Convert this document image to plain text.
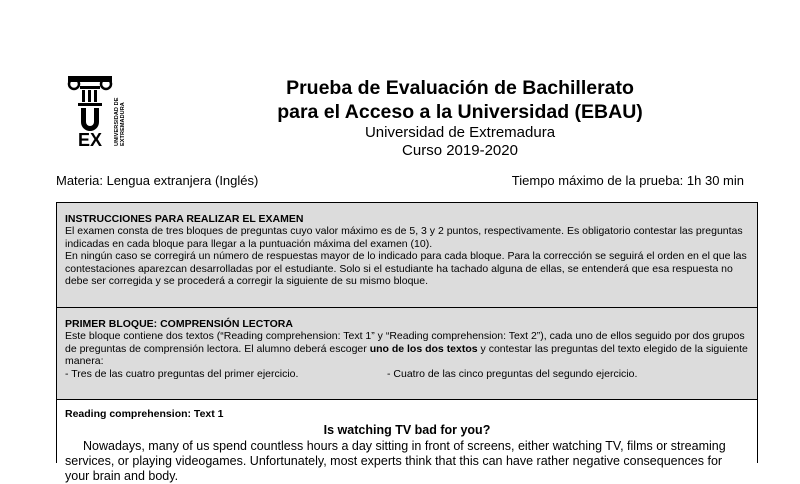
EX UNIVERSIDAD DE EXTREMADURA
Prueba de Evaluación de Bachillerato
para el Acceso a la Universidad (EBAU)
Universidad de Extremadura
Curso 2019-2020
Materia: Lengua extranjera (Inglés)	Tiempo máximo de la prueba: 1h 30 min
INSTRUCCIONES PARA REALIZAR EL EXAMEN
El examen consta de tres bloques de preguntas cuyo valor máximo es de 5, 3 y 2 puntos, respectivamente. Es obligatorio contestar las preguntas indicadas en cada bloque para llegar a la puntuación máxima del examen (10).
En ningún caso se corregirá un número de respuestas mayor de lo indicado para cada bloque. Para la corrección se seguirá el orden en el que las contestaciones aparezcan desarrolladas por el estudiante. Solo si el estudiante ha tachado alguna de ellas, se entenderá que esa respuesta no debe ser corregida y se procederá a corregir la siguiente de su mismo bloque.
PRIMER BLOQUE: COMPRENSIÓN LECTORA
Este bloque contiene dos textos (“Reading comprehension: Text 1” y “Reading comprehension: Text 2”), cada uno de ellos seguido por dos grupos de preguntas de comprensión lectora. El alumno deberá escoger uno de los dos textos y contestar las preguntas del texto elegido de la siguiente manera:
- Tres de las cuatro preguntas del primer ejercicio.	- Cuatro de las cinco preguntas del segundo ejercicio.
Reading comprehension: Text 1
Is watching TV bad for you?
Nowadays, many of us spend countless hours a day sitting in front of screens, either watching TV, films or streaming services, or playing videogames. Unfortunately, most experts think that this can have rather negative consequences for your brain and body.
